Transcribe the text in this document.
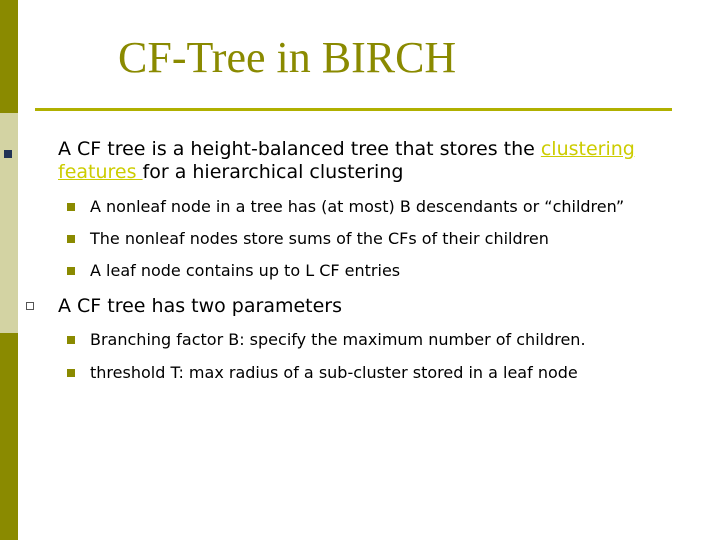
CF-Tree in BIRCH
A CF tree is a height-balanced tree that stores the clustering
features for a hierarchical clustering
A nonleaf node in a tree has (at most) B descendants or “children”
The nonleaf nodes store sums of the CFs of their children
A leaf node contains up to L CF entries
A CF tree has two parameters
Branching factor B: specify the maximum number of children.
threshold T: max radius of a sub-cluster stored in a leaf node
